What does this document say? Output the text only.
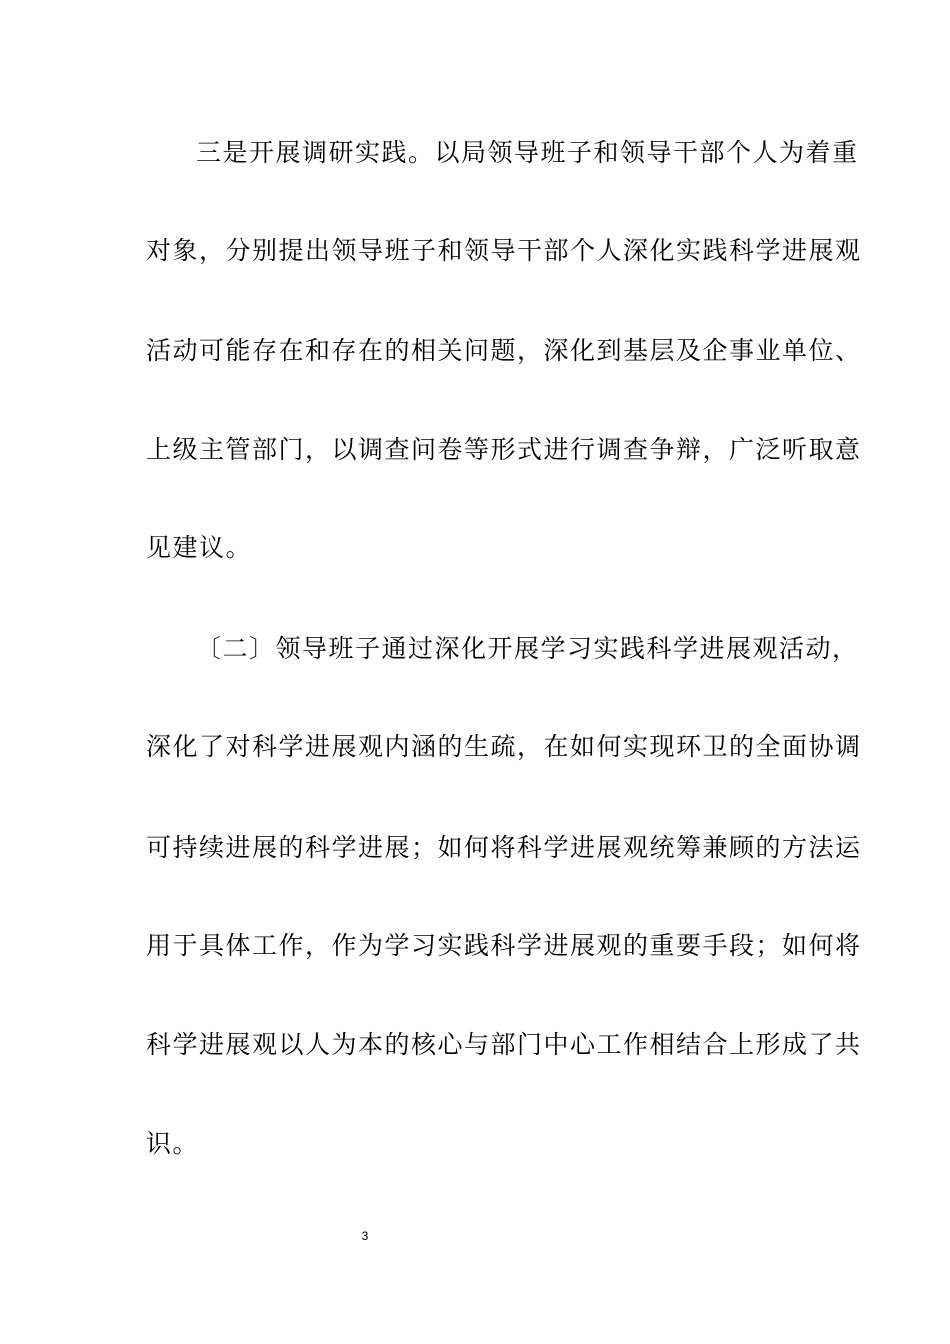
三是开展调研实践。以局领导班子和领导干部个人为着重
对象，分别提出领导班子和领导干部个人深化实践科学进展观
活动可能存在和存在的相关问题，深化到基层及企事业单位、
上级主管部门，以调查问卷等形式进行调查争辩，广泛听取意
见建议。
〔二〕领导班子通过深化开展学习实践科学进展观活动，
深化了对科学进展观内涵的生疏，在如何实现环卫的全面协调
可持续进展的科学进展；如何将科学进展观统筹兼顾的方法运
用于具体工作，作为学习实践科学进展观的重要手段；如何将
科学进展观以人为本的核心与部门中心工作相结合上形成了共
识。
3
